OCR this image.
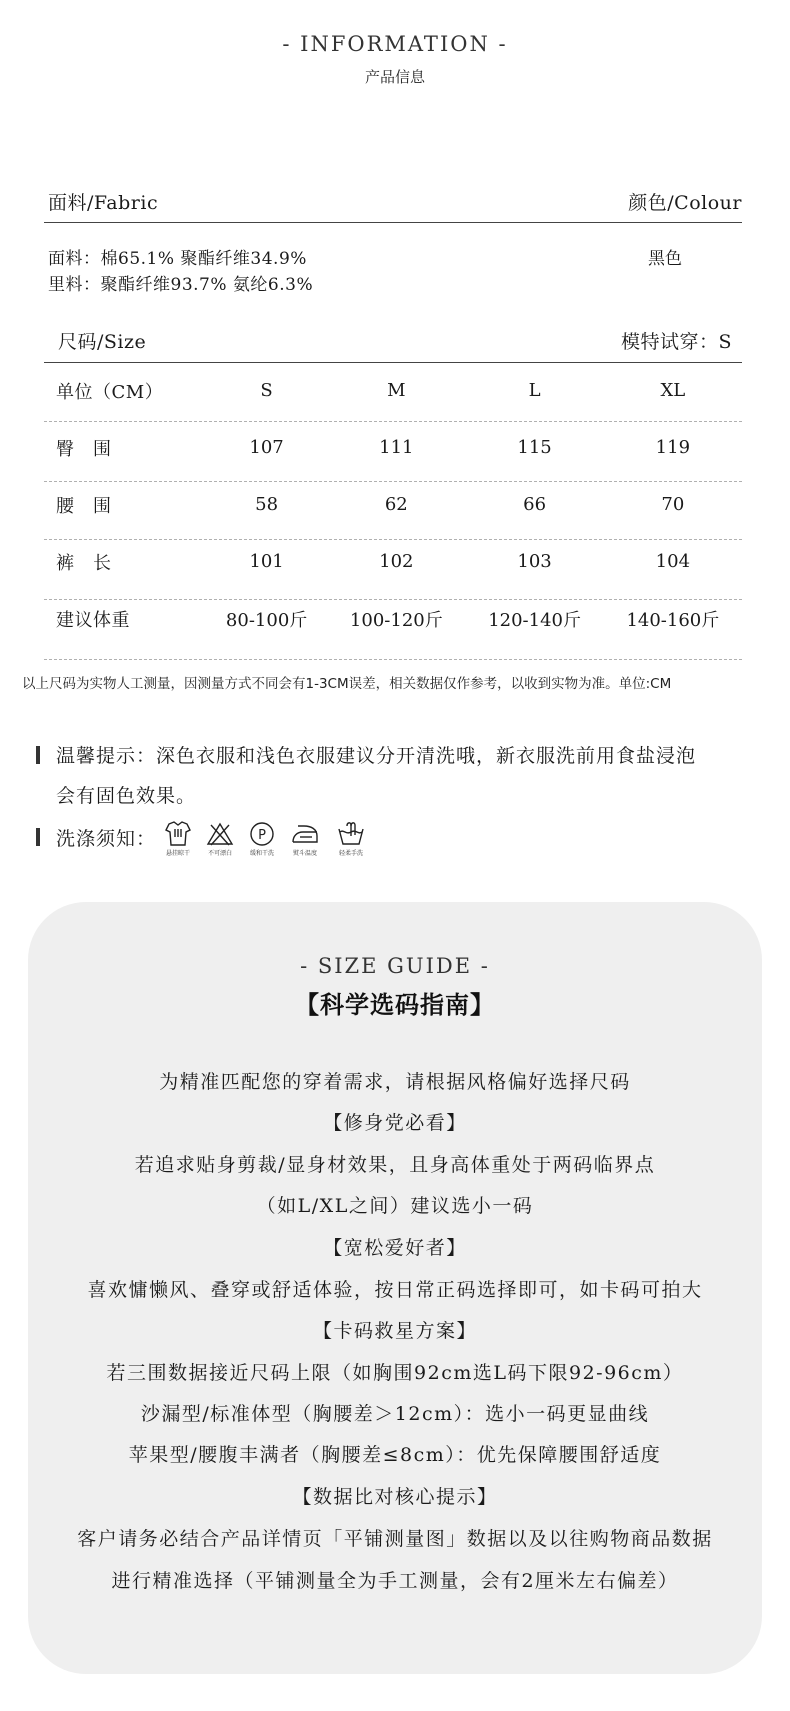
- INFORMATION -
产品信息
面料/Fabric	颜色/Colour
面料：棉65.1% 聚酯纤维34.9%
里料：聚酯纤维93.7% 氨纶6.3%
黑色
尺码/Size	模特试穿：S
单位（CM）	S	M	L	XL
臀　围	107	111	115	119
腰　围	58	62	66	70
裤　长	101	102	103	104
建议体重	80-100斤	100-120斤	120-140斤	140-160斤
以上尺码为实物人工测量，因测量方式不同会有1-3CM误差，相关数据仅作参考，以收到实物为准。单位:CM
温馨提示：深色衣服和浅色衣服建议分开清洗哦，新衣服洗前用食盐浸泡
会有固色效果。
洗涤须知：
悬挂晾干	不可漂白
P
缓和干洗	熨斗温度	轻柔手洗
- SIZE GUIDE -
【科学选码指南】
为精准匹配您的穿着需求，请根据风格偏好选择尺码
【修身党必看】
若追求贴身剪裁/显身材效果，且身高体重处于两码临界点
（如L/XL之间）建议选小一码
【宽松爱好者】
喜欢慵懒风、叠穿或舒适体验，按日常正码选择即可，如卡码可拍大
【卡码救星方案】
若三围数据接近尺码上限（如胸围92cm选L码下限92-96cm）
沙漏型/标准体型（胸腰差＞12cm）：选小一码更显曲线
苹果型/腰腹丰满者（胸腰差≤8cm）：优先保障腰围舒适度
【数据比对核心提示】
客户请务必结合产品详情页「平铺测量图」数据以及以往购物商品数据
进行精准选择（平铺测量全为手工测量，会有2厘米左右偏差）
